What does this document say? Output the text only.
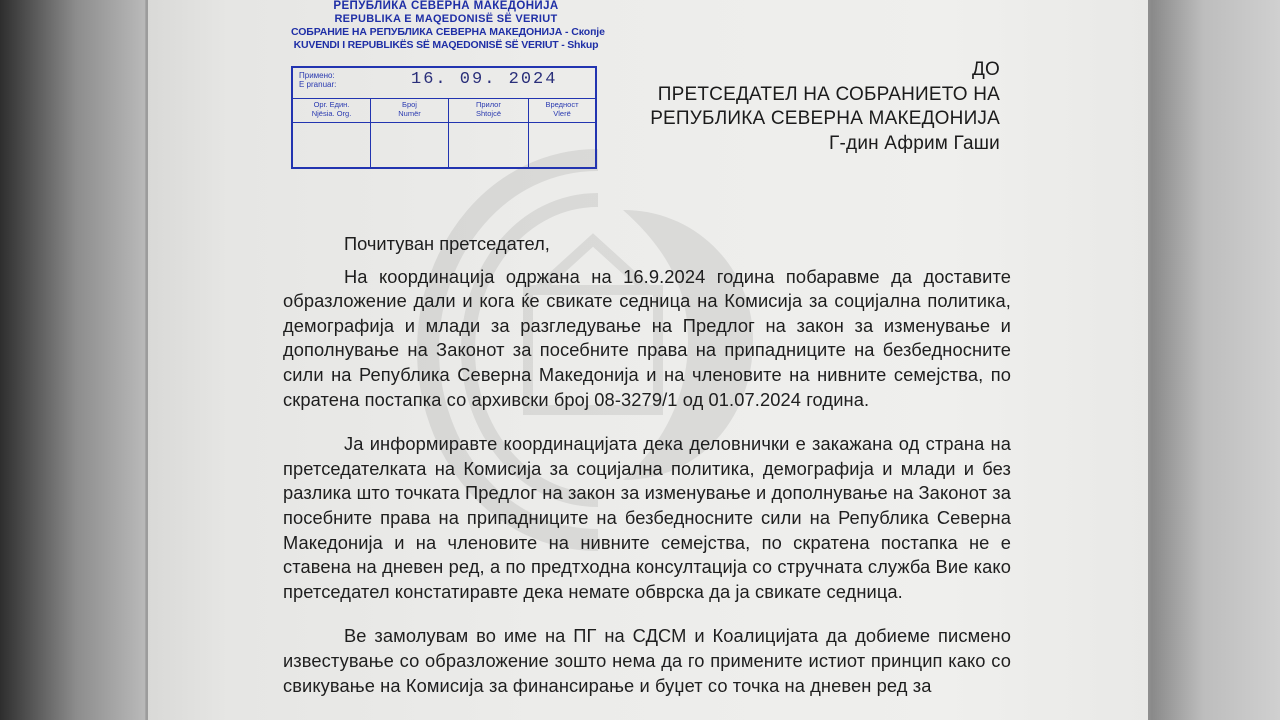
РЕПУБЛИКА СЕВЕРНА МАКЕДОНИЈА
REPUBLIKA E MAQEDONISË SË VERIUT
СОБРАНИЕ НА РЕПУБЛИКА СЕВЕРНА МАКЕДОНИЈА - Скопје
KUVENDI I REPUBLIKËS SË MAQEDONISË SË VERIUT - Shkup
Примено:
E pranuar:	16. 09. 2024
Орг. Един.
Njësia. Org.
Број
Numër
Прилог
Shtojcë
Вредност
Vlerë
ДО
ПРЕТСЕДАТЕЛ НА СОБРАНИЕТО НА
РЕПУБЛИКА СЕВЕРНА МАКЕДОНИЈА
Г-дин Африм Гаши

Почитуван претседател,

На координација одржана на 16.9.2024 година побаравме да доставите образложение дали и кога ќе свикате седница на Комисија за социјална политика, демографија и млади за разгледување на Предлог на закон за изменување и дополнување на Законот за посебните права на припадниците на безбедносните сили на Република Северна Македонија и на членовите на нивните семејства, по скратена постапка со архивски број 08-3279/1 од 01.07.2024 година.

Ја информиравте координацијата дека деловнички е закажана од страна на претседателката на Комисија за социјална политика, демографија и млади и без разлика што точката Предлог на закон за изменување и дополнување на Законот за посебните права на припадниците на безбедносните сили на Република Северна Македонија и на членовите на нивните семејства, по скратена постапка не е ставена на дневен ред, а по предтходна консултација со стручната служба Вие како претседател констатиравте дека немате обврска да ја свикате седница.

Ве замолувам во име на ПГ на СДСМ и Коалицијата да добиеме писмено известување со образложение зошто нема да го примените истиот принцип како со свикување на Комисија за финансирање и буџет со точка на дневен ред за
